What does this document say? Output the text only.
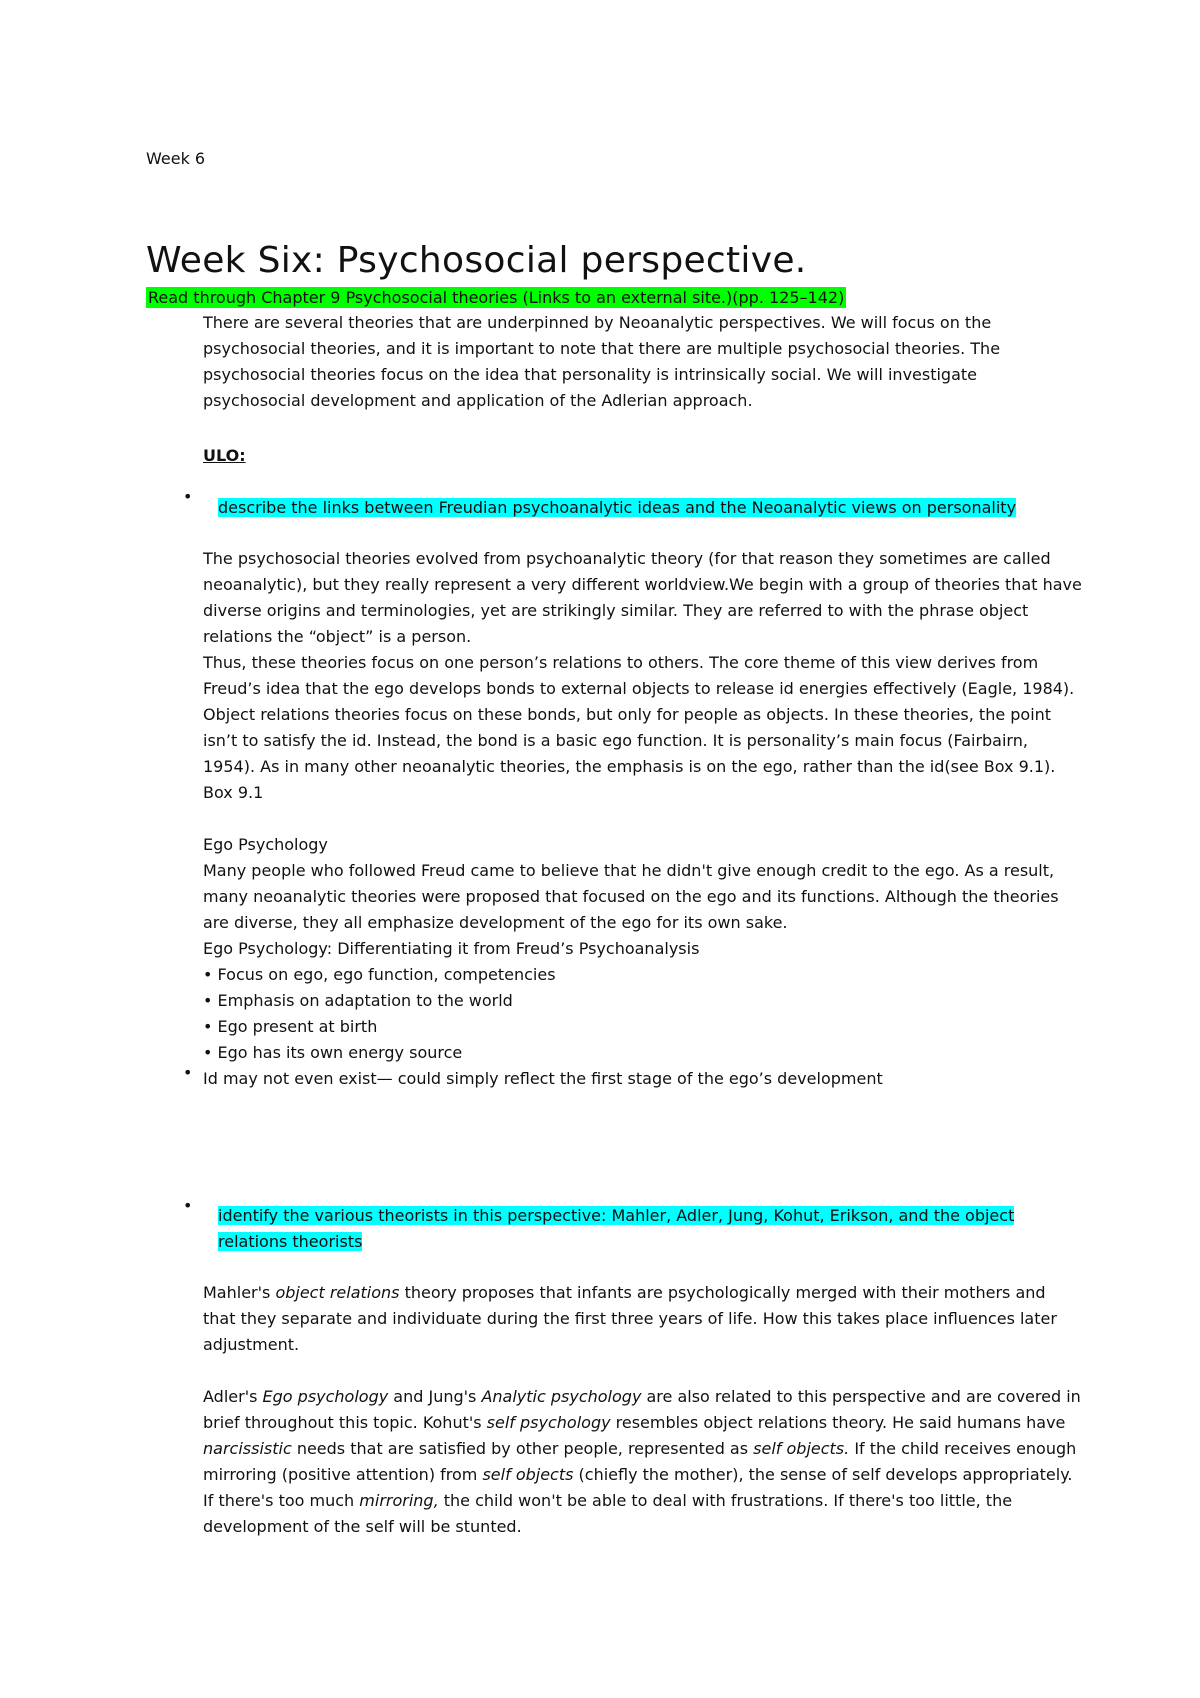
Week 6
Week Six: Psychosocial perspective.
Read through Chapter 9 Psychosocial theories (Links to an external site.)(pp. 125–142)

There are several theories that are underpinned by Neoanalytic perspectives. We will focus on the psychosocial theories, and it is important to note that there are multiple psychosocial theories. The psychosocial theories focus on the idea that personality is intrinsically social. We will investigate psychosocial development and application of the Adlerian approach.

ULO:
•
describe the links between Freudian psychoanalytic ideas and the Neoanalytic views on personality

The psychosocial theories evolved from psychoanalytic theory (for that reason they sometimes are called neoanalytic), but they really represent a very different worldview.We begin with a group of theories that have diverse origins and terminologies, yet are strikingly similar. They are referred to with the phrase object relations the “object” is a person.

Thus, these theories focus on one person’s relations to others. The core theme of this view derives from Freud’s idea that the ego develops bonds to external objects to release id energies effectively (Eagle, 1984). Object relations theories focus on these bonds, but only for people as objects. In these theories, the point isn’t to satisfy the id. Instead, the bond is a basic ego function. It is personality’s main focus (Fairbairn, 1954). As in many other neoanalytic theories, the emphasis is on the ego, rather than the id(see Box 9.1). Box 9.1

Ego Psychology

Many people who followed Freud came to believe that he didn't give enough credit to the ego. As a result, many neoanalytic theories were proposed that focused on the ego and its functions. Although the theories are diverse, they all emphasize development of the ego for its own sake.

Ego Psychology: Differentiating it from Freud’s Psychoanalysis

• Focus on ego, ego function, competencies
• Emphasis on adaptation to the world
• Ego present at birth
• Ego has its own energy source
• Id may not even exist— could simply reflect the first stage of the ego’s development

•
identify the various theorists in this perspective: Mahler, Adler, Jung, Kohut, Erikson, and the object relations theorists

Mahler's object relations theory proposes that infants are psychologically merged with their mothers and that they separate and individuate during the first three years of life. How this takes place influences later adjustment.

Adler's Ego psychology and Jung's Analytic psychology are also related to this perspective and are covered in brief throughout this topic. Kohut's self psychology resembles object relations theory. He said humans have narcissistic needs that are satisfied by other people, represented as self objects. If the child receives enough mirroring (positive attention) from self objects (chiefly the mother), the sense of self develops appropriately. If there's too much mirroring, the child won't be able to deal with frustrations. If there's too little, the development of the self will be stunted.
